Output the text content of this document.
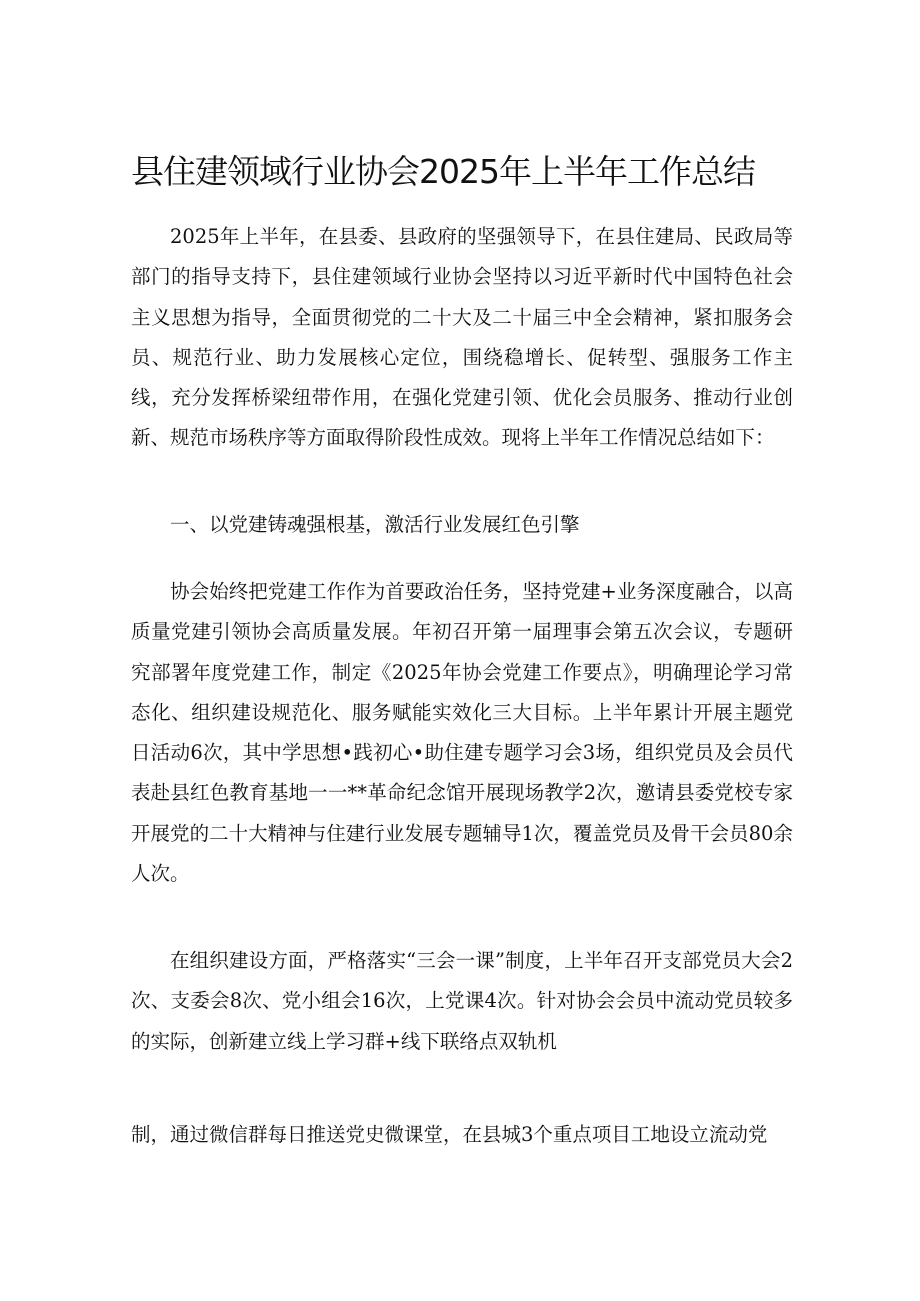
县住建领域行业协会2025年上半年工作总结

2025年上半年，在县委、县政府的坚强领导下，在县住建局、民政局等部门的指导支持下，县住建领域行业协会坚持以习近平新时代中国特色社会主义思想为指导，全面贯彻党的二十大及二十届三中全会精神，紧扣服务会员、规范行业、助力发展核心定位，围绕稳增长、促转型、强服务工作主线，充分发挥桥梁纽带作用，在强化党建引领、优化会员服务、推动行业创新、规范市场秩序等方面取得阶段性成效。现将上半年工作情况总结如下：

一、以党建铸魂强根基，激活行业发展红色引擎

协会始终把党建工作作为首要政治任务，坚持党建+业务深度融合，以高质量党建引领协会高质量发展。年初召开第一届理事会第五次会议，专题研究部署年度党建工作，制定《2025年协会党建工作要点》，明确理论学习常态化、组织建设规范化、服务赋能实效化三大目标。上半年累计开展主题党日活动6次，其中学思想•践初心•助住建专题学习会3场，组织党员及会员代表赴县红色教育基地一一**革命纪念馆开展现场教学2次，邀请县委党校专家开展党的二十大精神与住建行业发展专题辅导1次，覆盖党员及骨干会员80余人次。

在组织建设方面，严格落实“三会一课”制度，上半年召开支部党员大会2次、支委会8次、党小组会16次，上党课4次。针对协会会员中流动党员较多的实际，创新建立线上学习群+线下联络点双轨机

制，通过微信群每日推送党史微课堂，在县城3个重点项目工地设立流动党
